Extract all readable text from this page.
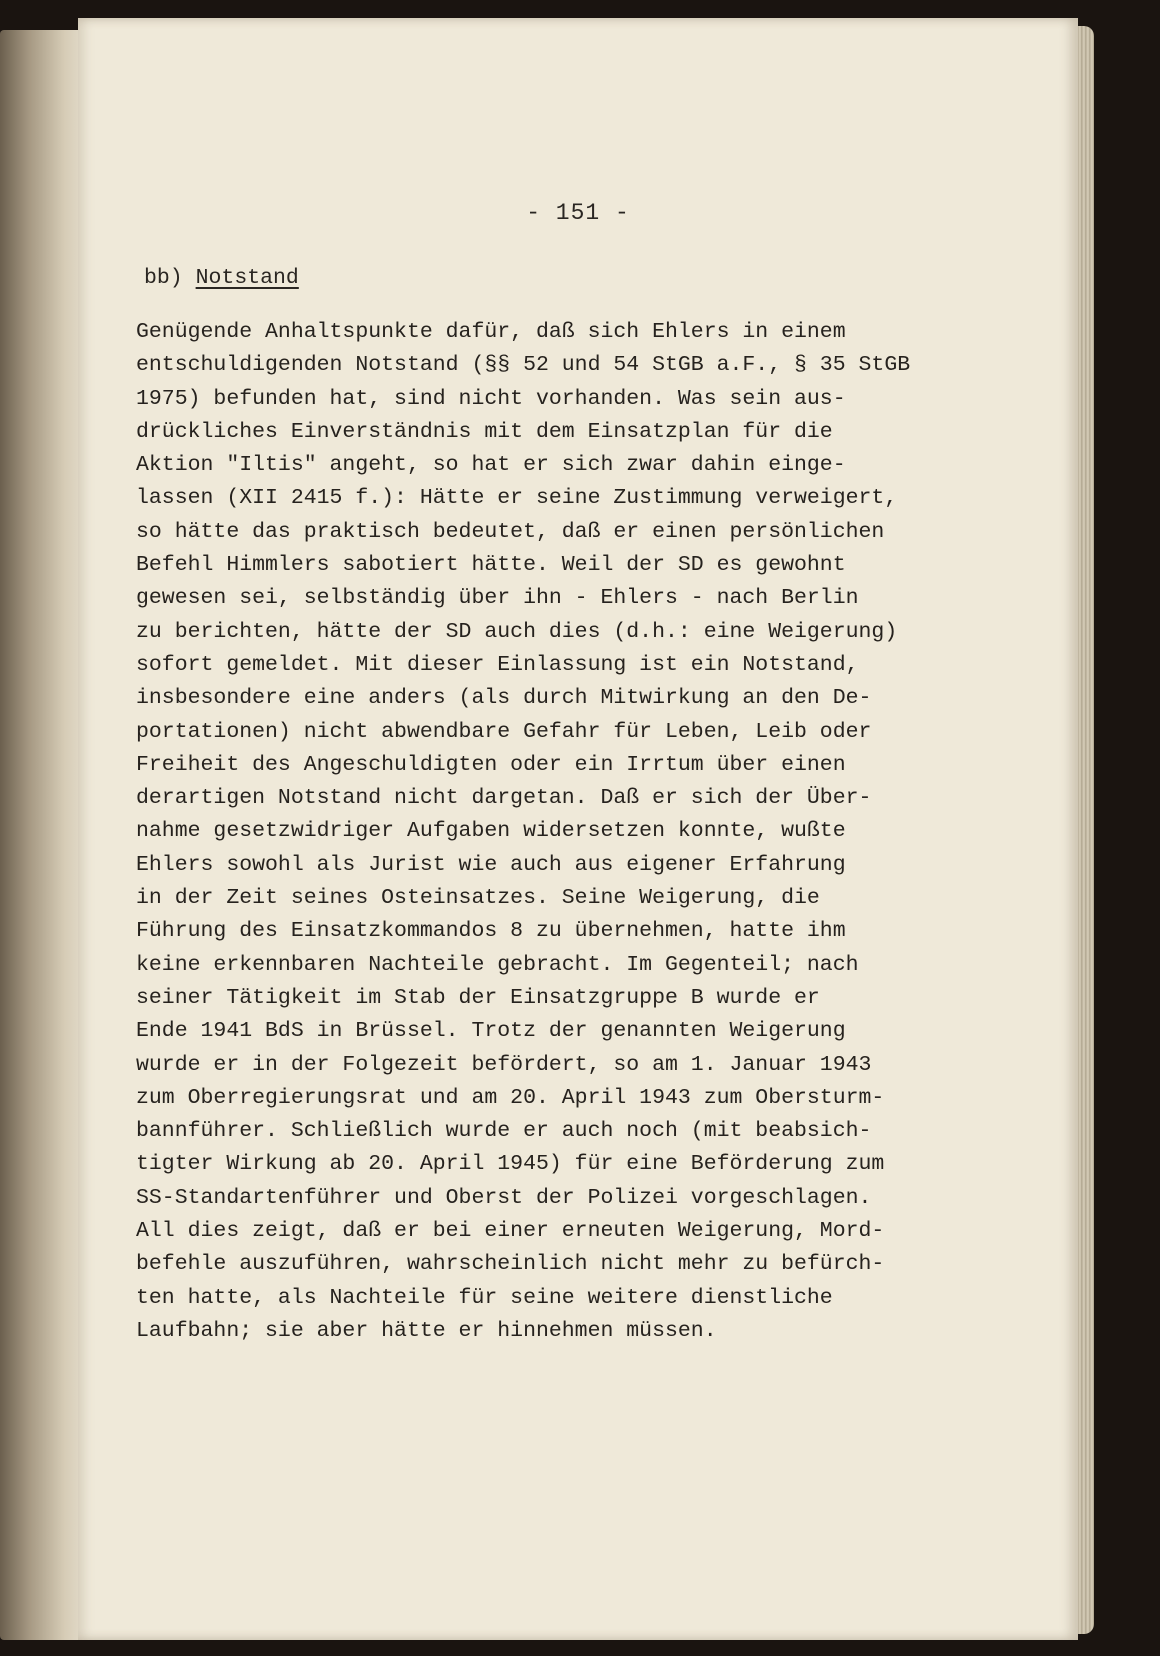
- 151 -
bb) Notstand
Genügende Anhaltspunkte dafür, daß sich Ehlers in einem
entschuldigenden Notstand (§§ 52 und 54 StGB a.F., § 35 StGB
1975) befunden hat, sind nicht vorhanden. Was sein aus-
drückliches Einverständnis mit dem Einsatzplan für die
Aktion "Iltis" angeht, so hat er sich zwar dahin einge-
lassen (XII 2415 f.): Hätte er seine Zustimmung verweigert,
so hätte das praktisch bedeutet, daß er einen persönlichen
Befehl Himmlers sabotiert hätte. Weil der SD es gewohnt
gewesen sei, selbständig über ihn - Ehlers - nach Berlin
zu berichten, hätte der SD auch dies (d.h.: eine Weigerung)
sofort gemeldet. Mit dieser Einlassung ist ein Notstand,
insbesondere eine anders (als durch Mitwirkung an den De-
portationen) nicht abwendbare Gefahr für Leben, Leib oder
Freiheit des Angeschuldigten oder ein Irrtum über einen
derartigen Notstand nicht dargetan. Daß er sich der Über-
nahme gesetzwidriger Aufgaben widersetzen konnte, wußte
Ehlers sowohl als Jurist wie auch aus eigener Erfahrung
in der Zeit seines Osteinsatzes. Seine Weigerung, die
Führung des Einsatzkommandos 8 zu übernehmen, hatte ihm
keine erkennbaren Nachteile gebracht. Im Gegenteil; nach
seiner Tätigkeit im Stab der Einsatzgruppe B wurde er
Ende 1941 BdS in Brüssel. Trotz der genannten Weigerung
wurde er in der Folgezeit befördert, so am 1. Januar 1943
zum Oberregierungsrat und am 20. April 1943 zum Obersturm-
bannführer. Schließlich wurde er auch noch (mit beabsich-
tigter Wirkung ab 20. April 1945) für eine Beförderung zum
SS-Standartenführer und Oberst der Polizei vorgeschlagen.
All dies zeigt, daß er bei einer erneuten Weigerung, Mord-
befehle auszuführen, wahrscheinlich nicht mehr zu befürch-
ten hatte, als Nachteile für seine weitere dienstliche
Laufbahn; sie aber hätte er hinnehmen müssen.
